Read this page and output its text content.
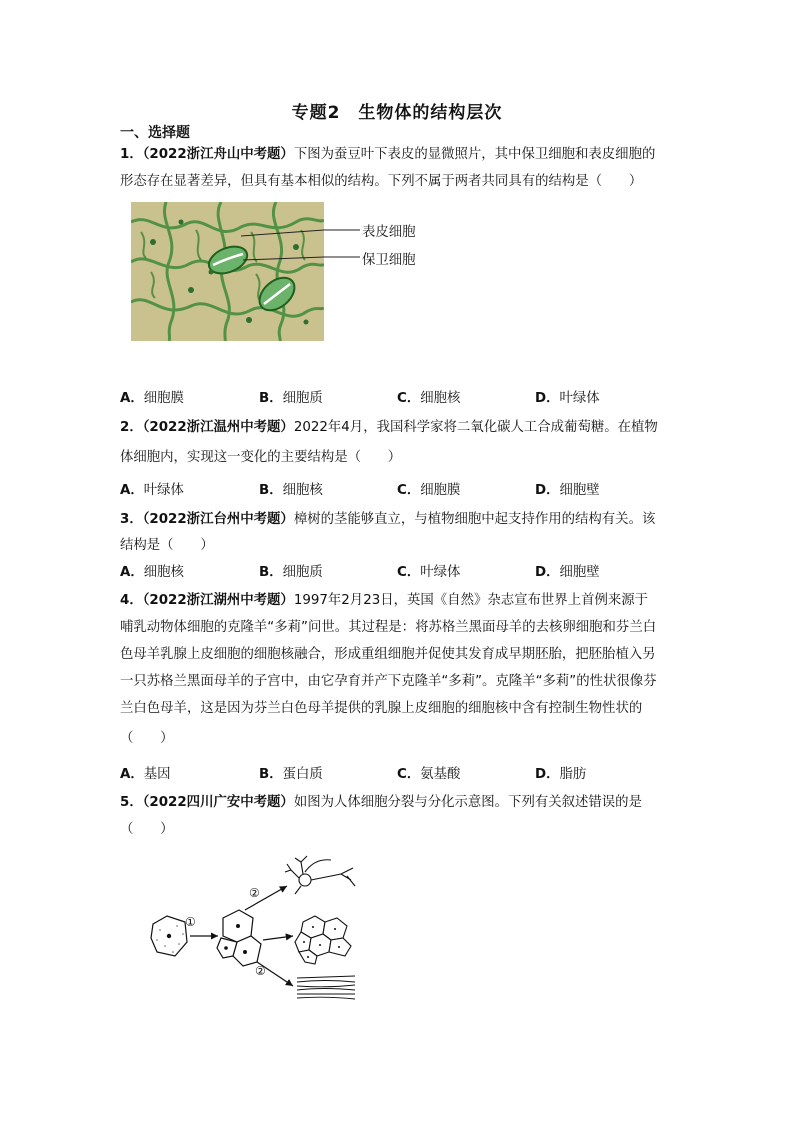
专题2　生物体的结构层次
一、选择题
1．（2022浙江舟山中考题）下图为蚕豆叶下表皮的显微照片，其中保卫细胞和表皮细胞的
形态存在显著差异，但具有基本相似的结构。下列不属于两者共同具有的结构是（　　）
表皮细胞
保卫细胞
A．细胞膜	B．细胞质	C．细胞核	D．叶绿体
2．（2022浙江温州中考题）2022年4月，我国科学家将二氧化碳人工合成葡萄糖。在植物
体细胞内，实现这一变化的主要结构是（　　）
A．叶绿体	B．细胞核	C．细胞膜	D．细胞壁
3．（2022浙江台州中考题）樟树的茎能够直立，与植物细胞中起支持作用的结构有关。该
结构是（　　）
A．细胞核	B．细胞质	C．叶绿体	D．细胞壁
4．（2022浙江湖州中考题）1997年2月23日，英国《自然》杂志宣布世界上首例来源于
哺乳动物体细胞的克隆羊“多莉”问世。其过程是：将苏格兰黑面母羊的去核卵细胞和芬兰白
色母羊乳腺上皮细胞的细胞核融合，形成重组细胞并促使其发育成早期胚胎，把胚胎植入另
一只苏格兰黑面母羊的子宫中，由它孕育并产下克隆羊“多莉”。克隆羊“多莉”的性状很像芬
兰白色母羊，这是因为芬兰白色母羊提供的乳腺上皮细胞的细胞核中含有控制生物性状的
（　　）
A．基因	B．蛋白质	C．氨基酸	D．脂肪
5．（2022四川广安中考题）如图为人体细胞分裂与分化示意图。下列有关叙述错误的是
（　　）
①
②
②
